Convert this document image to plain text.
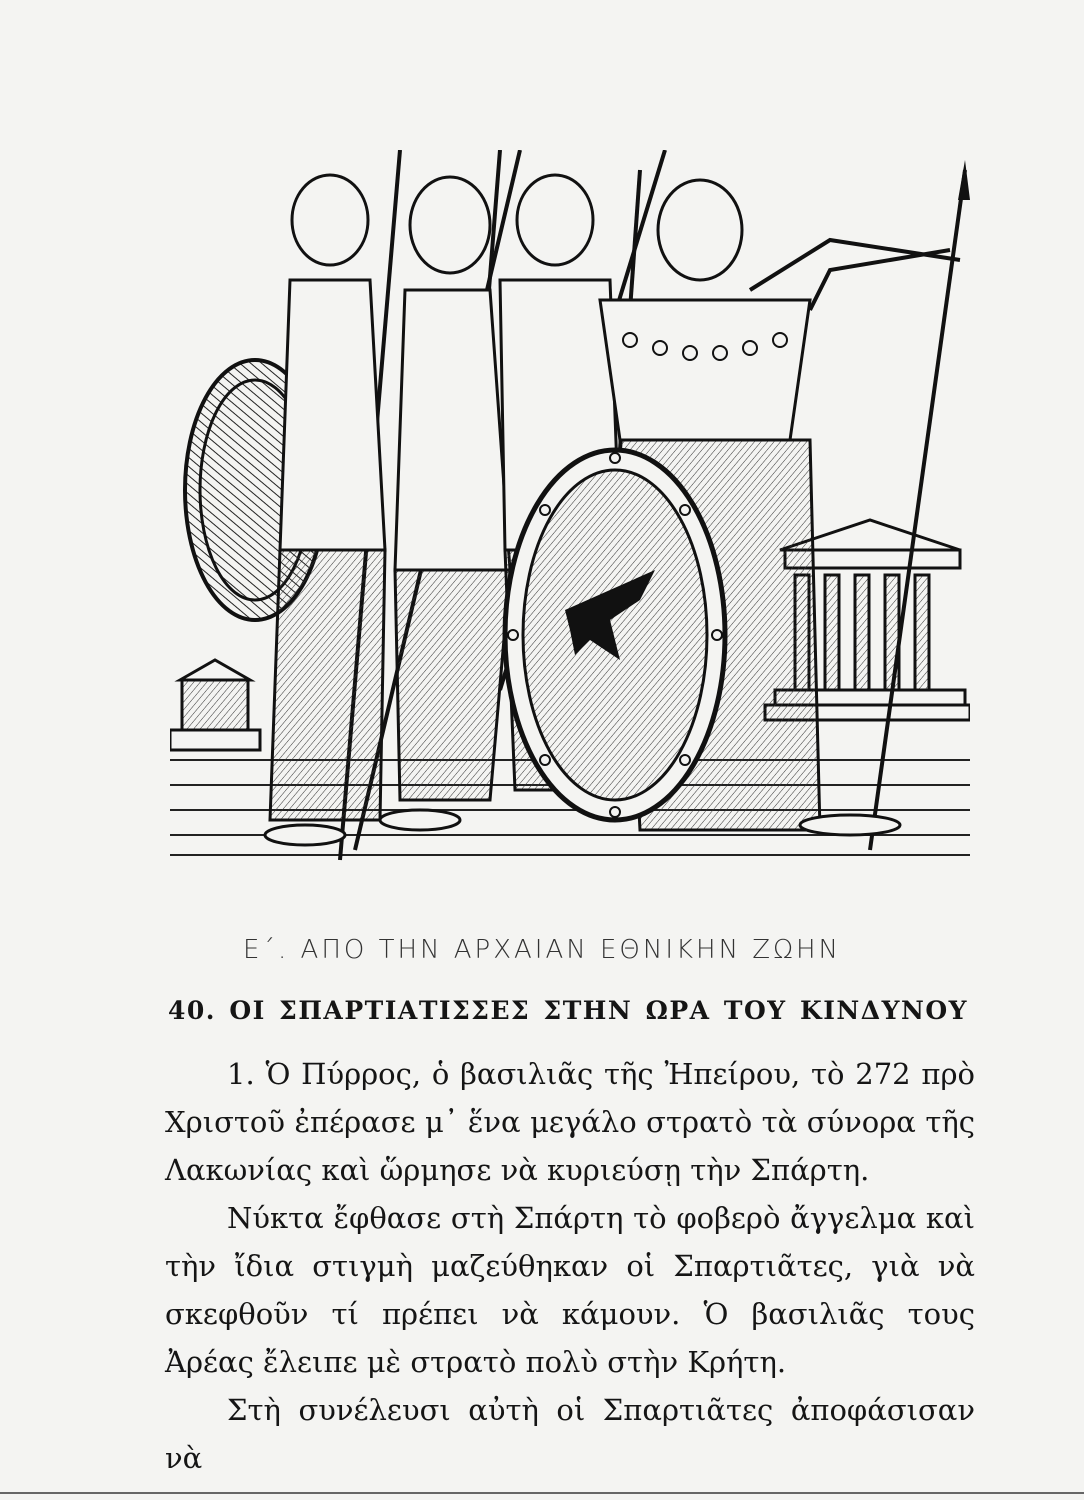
Ε΄. ΑΠΟ ΤΗΝ ΑΡΧΑΙΑΝ ΕΘΝΙΚΗΝ ΖΩΗΝ
40. ΟΙ ΣΠΑΡΤΙΑΤΙΣΣΕΣ ΣΤΗΝ ΩΡΑ ΤΟΥ ΚΙΝΔΥΝΟΥ

1. Ὁ Πύρρος, ὁ βασιλιᾶς τῆς Ἠπείρου, τὸ 272 πρὸ Χριστοῦ ἐπέρασε μ᾿ ἕνα μεγάλο στρατὸ τὰ σύνορα τῆς Λακωνίας καὶ ὥρμησε νὰ κυριεύσῃ τὴν Σπάρτη.

Νύκτα ἔφθασε στὴ Σπάρτη τὸ φοβερὸ ἄγγελμα καὶ τὴν ἴδια στιγμὴ μαζεύθηκαν οἱ Σπαρτιᾶτες, γιὰ νὰ σκεφθοῦν τί πρέπει νὰ κάμουν. Ὁ βασιλιᾶς τους Ἀρέας ἔλειπε μὲ στρατὸ πολὺ στὴν Κρήτη.

Στὴ συνέλευσι αὐτὴ οἱ Σπαρτιᾶτες ἀποφάσισαν νὰ
